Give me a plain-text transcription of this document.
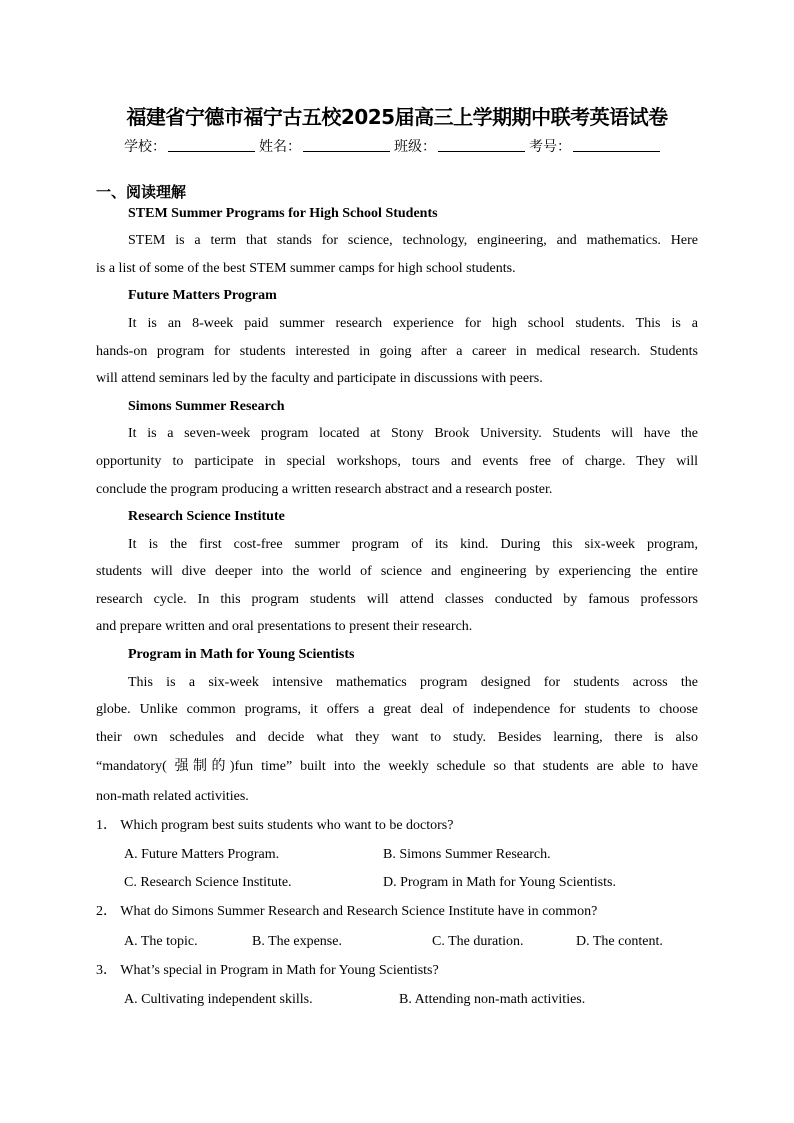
福建省宁德市福宁古五校2025届高三上学期期中联考英语试卷
学校：	姓名：	班级：	考号：
一、阅读理解
STEM Summer Programs for High School Students
STEM is a term that stands for science, technology, engineering, and mathematics. Here
is a list of some of the best STEM summer camps for high school students.
Future Matters Program
It is an 8-week paid summer research experience for high school students. This is a
hands-on program for students interested in going after a career in medical research. Students
will attend seminars led by the faculty and participate in discussions with peers.
Simons Summer Research
It is a seven-week program located at Stony Brook University. Students will have the
opportunity to participate in special workshops, tours and events free of charge. They will
conclude the program producing a written research abstract and a research poster.
Research Science Institute
It is the first cost-free summer program of its kind. During this six-week program,
students will dive deeper into the world of science and engineering by experiencing the entire
research cycle. In this program students will attend classes conducted by famous professors
and prepare written and oral presentations to present their research.
Program in Math for Young Scientists
This is a six-week intensive mathematics program designed for students across the
globe. Unlike common programs, it offers a great deal of independence for students to choose
their own schedules and decide what they want to study. Besides learning, there is also
“mandatory( 强制的)fun time” built into the weekly schedule so that students are able to have
non-math related activities.
1． Which program best suits students who want to be doctors?
A. Future Matters Program.	B. Simons Summer Research.
C. Research Science Institute.	D. Program in Math for Young Scientists.
2． What do Simons Summer Research and Research Science Institute have in common?
A. The topic.	B. The expense.	C. The duration.	D. The content.
3． What’s special in Program in Math for Young Scientists?
A. Cultivating independent skills.	B. Attending non-math activities.
